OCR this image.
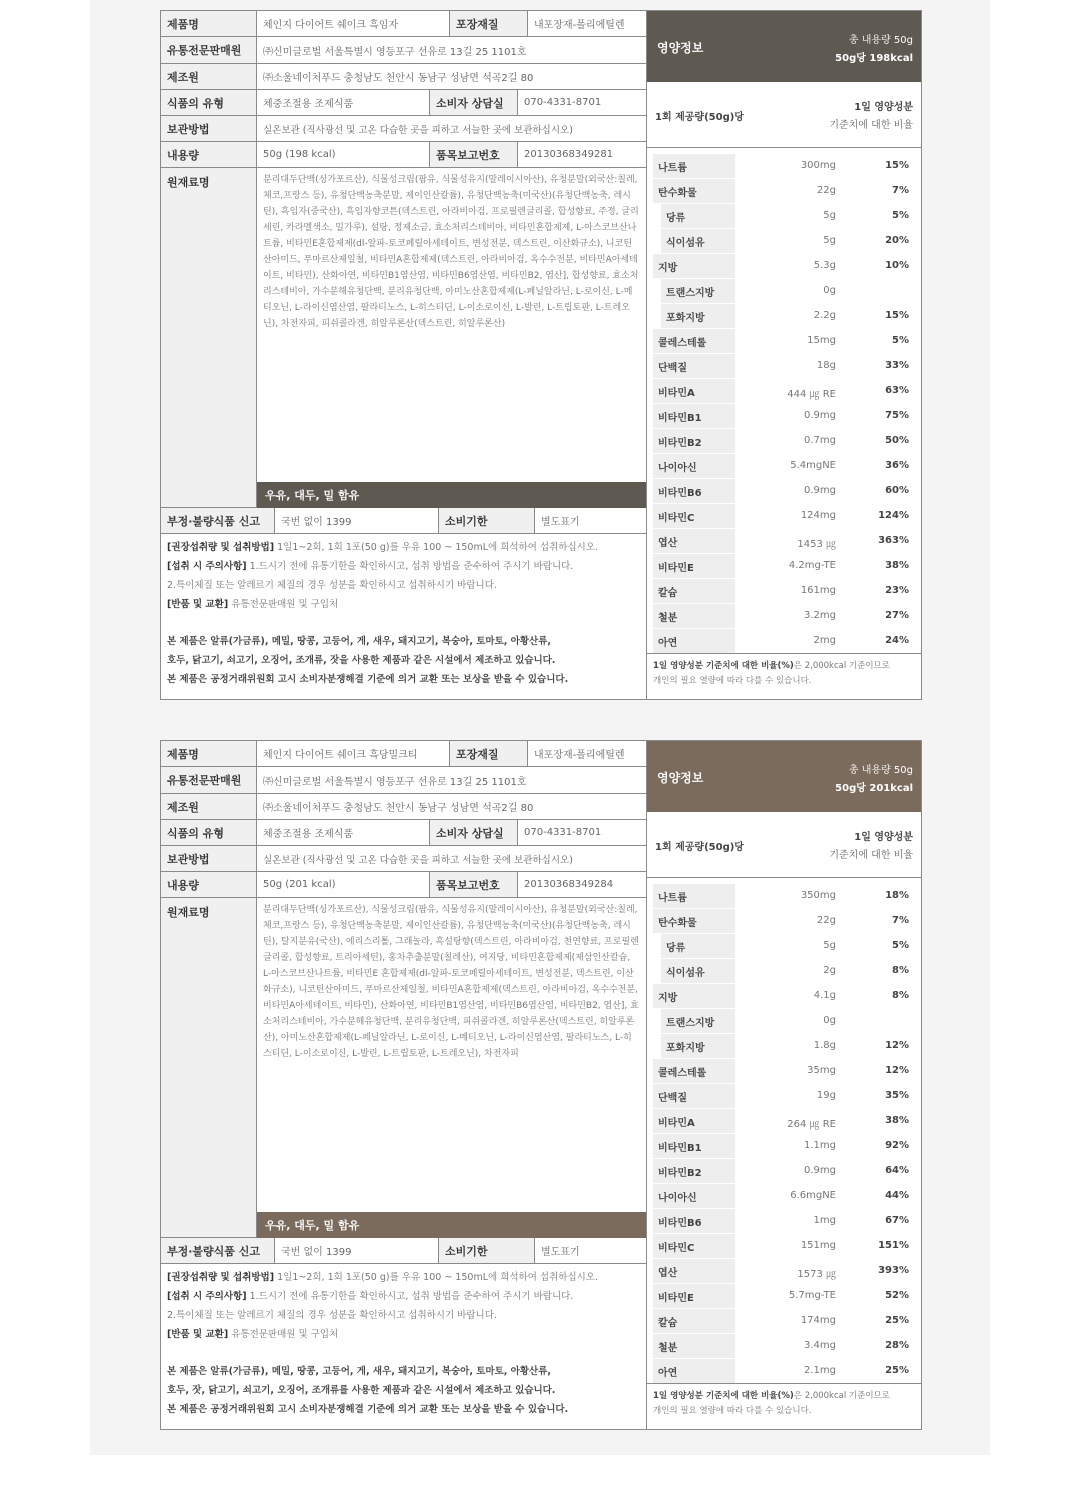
제품명	체인지 다이어트 쉐이크 흑임자	포장재질	내포장재-폴리에틸렌
유통전문판매원	㈜신미글로벌 서울특별시 영등포구 선유로 13길 25 1101호
제조원	㈜소울네이처푸드 충청남도 천안시 동남구 성남면 석곡2길 80
식품의 유형	체중조절용 조제식품	소비자 상담실	070-4331-8701
보관방법	실온보관 (직사광선 및 고온 다습한 곳을 피하고 서늘한 곳에 보관하십시오)
내용량	50g (198 kcal)	품목보고번호	20130368349281
원재료명	분리대두단백(싱가포르산), 식물성크림(팜유, 식물성유지(말레이시아산), 유청분말(외국산:칠레,체코,프랑스 등), 유청단백농축분말, 제이인산칼륨), 유청단백농축(미국산)(유청단백농축, 레시틴), 흑임자(중국산), 흑임자향코튼(덱스트린, 아라비아검, 프로필렌글리콜, 합성향료, 주정, 글리세린, 카라멜색소, 밀가루), 설탕, 정제소금, 효소처리스테비아, 비타민혼합제제, L-아스코브산나트륨, 비타민E혼합제제(dl-알파-토코페릴아세테이트, 변성전분, 덱스트린, 이산화규소), 니코틴산아미드, 푸마르산제일철, 비타민A혼합제제(덱스트린, 아라비아검, 옥수수전분, 비타민A아세테이트, 비타민), 산화아연, 비타민B1염산염, 비타민B6염산염, 비타민B2, 엽산], 합성향료, 효소처리스테비아, 가수분해유청단백, 분리유청단백, 아미노산혼합제제(L-페닐알라닌, L-로이신, L-메티오닌, L-라이신염산염, 팔라티노스, L-히스티딘, L-이소로이신, L-발린, L-트립토판, L-트레오닌), 차전자피, 피쉬콜라겐, 히알루론산(덱스트린, 히알루론산)

우유, 대두, 밀 함유
부정·불량식품 신고	국번 없이 1399	소비기한	별도표기
[권장섭취량 및 섭취방법] 1일1~2회, 1회 1포(50 g)를 우유 100 ~ 150mL에 희석하여 섭취하십시오.
[섭취 시 주의사항] 1.드시기 전에 유통기한을 확인하시고, 섭취 방법을 준수하여 주시기 바랍니다.
2.특이체질 또는 알레르기 체질의 경우 성분을 확인하시고 섭취하시기 바랍니다.
[반품 및 교환] 유통전문판매원 및 구입처
본 제품은 알류(가금류), 메밀, 땅콩, 고등어, 게, 새우, 돼지고기, 복숭아, 토마토, 아황산류,
호두, 닭고기, 쇠고기, 오징어, 조개류, 잣을 사용한 제품과 같은 시설에서 제조하고 있습니다.
본 제품은 공정거래위원회 고시 소비자분쟁해결 기준에 의거 교환 또는 보상을 받을 수 있습니다.
영양정보
총 내용량 50g
50g당 198kcal
1회 제공량(50g)당
1일 영양성분
기준치에 대한 비율
나트륨	300mg	15%
탄수화물	22g	7%
당류	5g	5%
식이섬유	5g	20%
지방	5.3g	10%
트랜스지방	0g
포화지방	2.2g	15%
콜레스테롤	15mg	5%
단백질	18g	33%
비타민A	444 ㎍ RE	63%
비타민B1	0.9mg	75%
비타민B2	0.7mg	50%
나이아신	5.4mgNE	36%
비타민B6	0.9mg	60%
비타민C	124mg	124%
엽산	1453 ㎍	363%
비타민E	4.2mg-TE	38%
칼슘	161mg	23%
철분	3.2mg	27%
아연	2mg	24%
1일 영양성분 기준치에 대한 비율(%)은 2,000kcal 기준이므로
개인의 필요 열량에 따라 다를 수 있습니다.
제품명	체인지 다이어트 쉐이크 흑당밀크티	포장재질	내포장재-폴리에틸렌
유통전문판매원	㈜신미글로벌 서울특별시 영등포구 선유로 13길 25 1101호
제조원	㈜소울네이처푸드 충청남도 천안시 동남구 성남면 석곡2길 80
식품의 유형	체중조절용 조제식품	소비자 상담실	070-4331-8701
보관방법	실온보관 (직사광선 및 고온 다습한 곳을 피하고 서늘한 곳에 보관하십시오)
내용량	50g (201 kcal)	품목보고번호	20130368349284
원재료명	분리대두단백(싱가포르산), 식물성크림(팜유, 식물성유지(말레이시아산), 유청분말(외국산:칠레,체코,프랑스 등), 유청단백농축분말, 제이인산칼륨), 유청단백농축(미국산)(유청단백농축, 레시틴), 탈지분유(국산), 에리스리톨, 그래놀라, 흑설탕향(덱스트린, 아라비아검, 천연향료, 프로필렌글리콜, 합성향료, 트리아세틴), 홍차추출분말(칠레산), 여지당, 비타민혼합제제(제삼인산칼슘, L-아스코브산나트륨, 비타민E 혼합제제(dl-알파-토코페릴아세테이트, 변성전분, 덱스트린, 이산화규소), 니코틴산아미드, 푸마르산제일철, 비타민A혼합제제(덱스트린, 아라비아검, 옥수수전분, 비타민A아세테이트, 비타민), 산화아연, 비타민B1염산염, 비타민B6염산염, 비타민B2, 엽산], 효소처리스테비아, 가수분해유청단백, 분리유청단백, 피쉬콜라겐, 히알루론산(덱스트린, 히알루론산), 아미노산혼합제제(L-페닐알라닌, L-로이신, L-메티오닌, L-라이신염산염, 팔라티노스, L-히스티딘, L-이소로이신, L-발린, L-트립토판, L-트레오닌), 차전자피

우유, 대두, 밀 함유
부정·불량식품 신고	국번 없이 1399	소비기한	별도표기
[권장섭취량 및 섭취방법] 1일1~2회, 1회 1포(50 g)를 우유 100 ~ 150mL에 희석하여 섭취하십시오.
[섭취 시 주의사항] 1.드시기 전에 유통기한을 확인하시고, 섭취 방법을 준수하여 주시기 바랍니다.
2.특이체질 또는 알레르기 체질의 경우 성분을 확인하시고 섭취하시기 바랍니다.
[반품 및 교환] 유통전문판매원 및 구입처
본 제품은 알류(가금류), 메밀, 땅콩, 고등어, 게, 새우, 돼지고기, 복숭아, 토마토, 아황산류,
호두, 잣, 닭고기, 쇠고기, 오징어, 조개류를 사용한 제품과 같은 시설에서 제조하고 있습니다.
본 제품은 공정거래위원회 고시 소비자분쟁해결 기준에 의거 교환 또는 보상을 받을 수 있습니다.
영양정보
총 내용량 50g
50g당 201kcal
1회 제공량(50g)당
1일 영양성분
기준치에 대한 비율
나트륨	350mg	18%
탄수화물	22g	7%
당류	5g	5%
식이섬유	2g	8%
지방	4.1g	8%
트랜스지방	0g
포화지방	1.8g	12%
콜레스테롤	35mg	12%
단백질	19g	35%
비타민A	264 ㎍ RE	38%
비타민B1	1.1mg	92%
비타민B2	0.9mg	64%
나이아신	6.6mgNE	44%
비타민B6	1mg	67%
비타민C	151mg	151%
엽산	1573 ㎍	393%
비타민E	5.7mg-TE	52%
칼슘	174mg	25%
철분	3.4mg	28%
아연	2.1mg	25%
1일 영양성분 기준치에 대한 비율(%)은 2,000kcal 기준이므로
개인의 필요 열량에 따라 다를 수 있습니다.
